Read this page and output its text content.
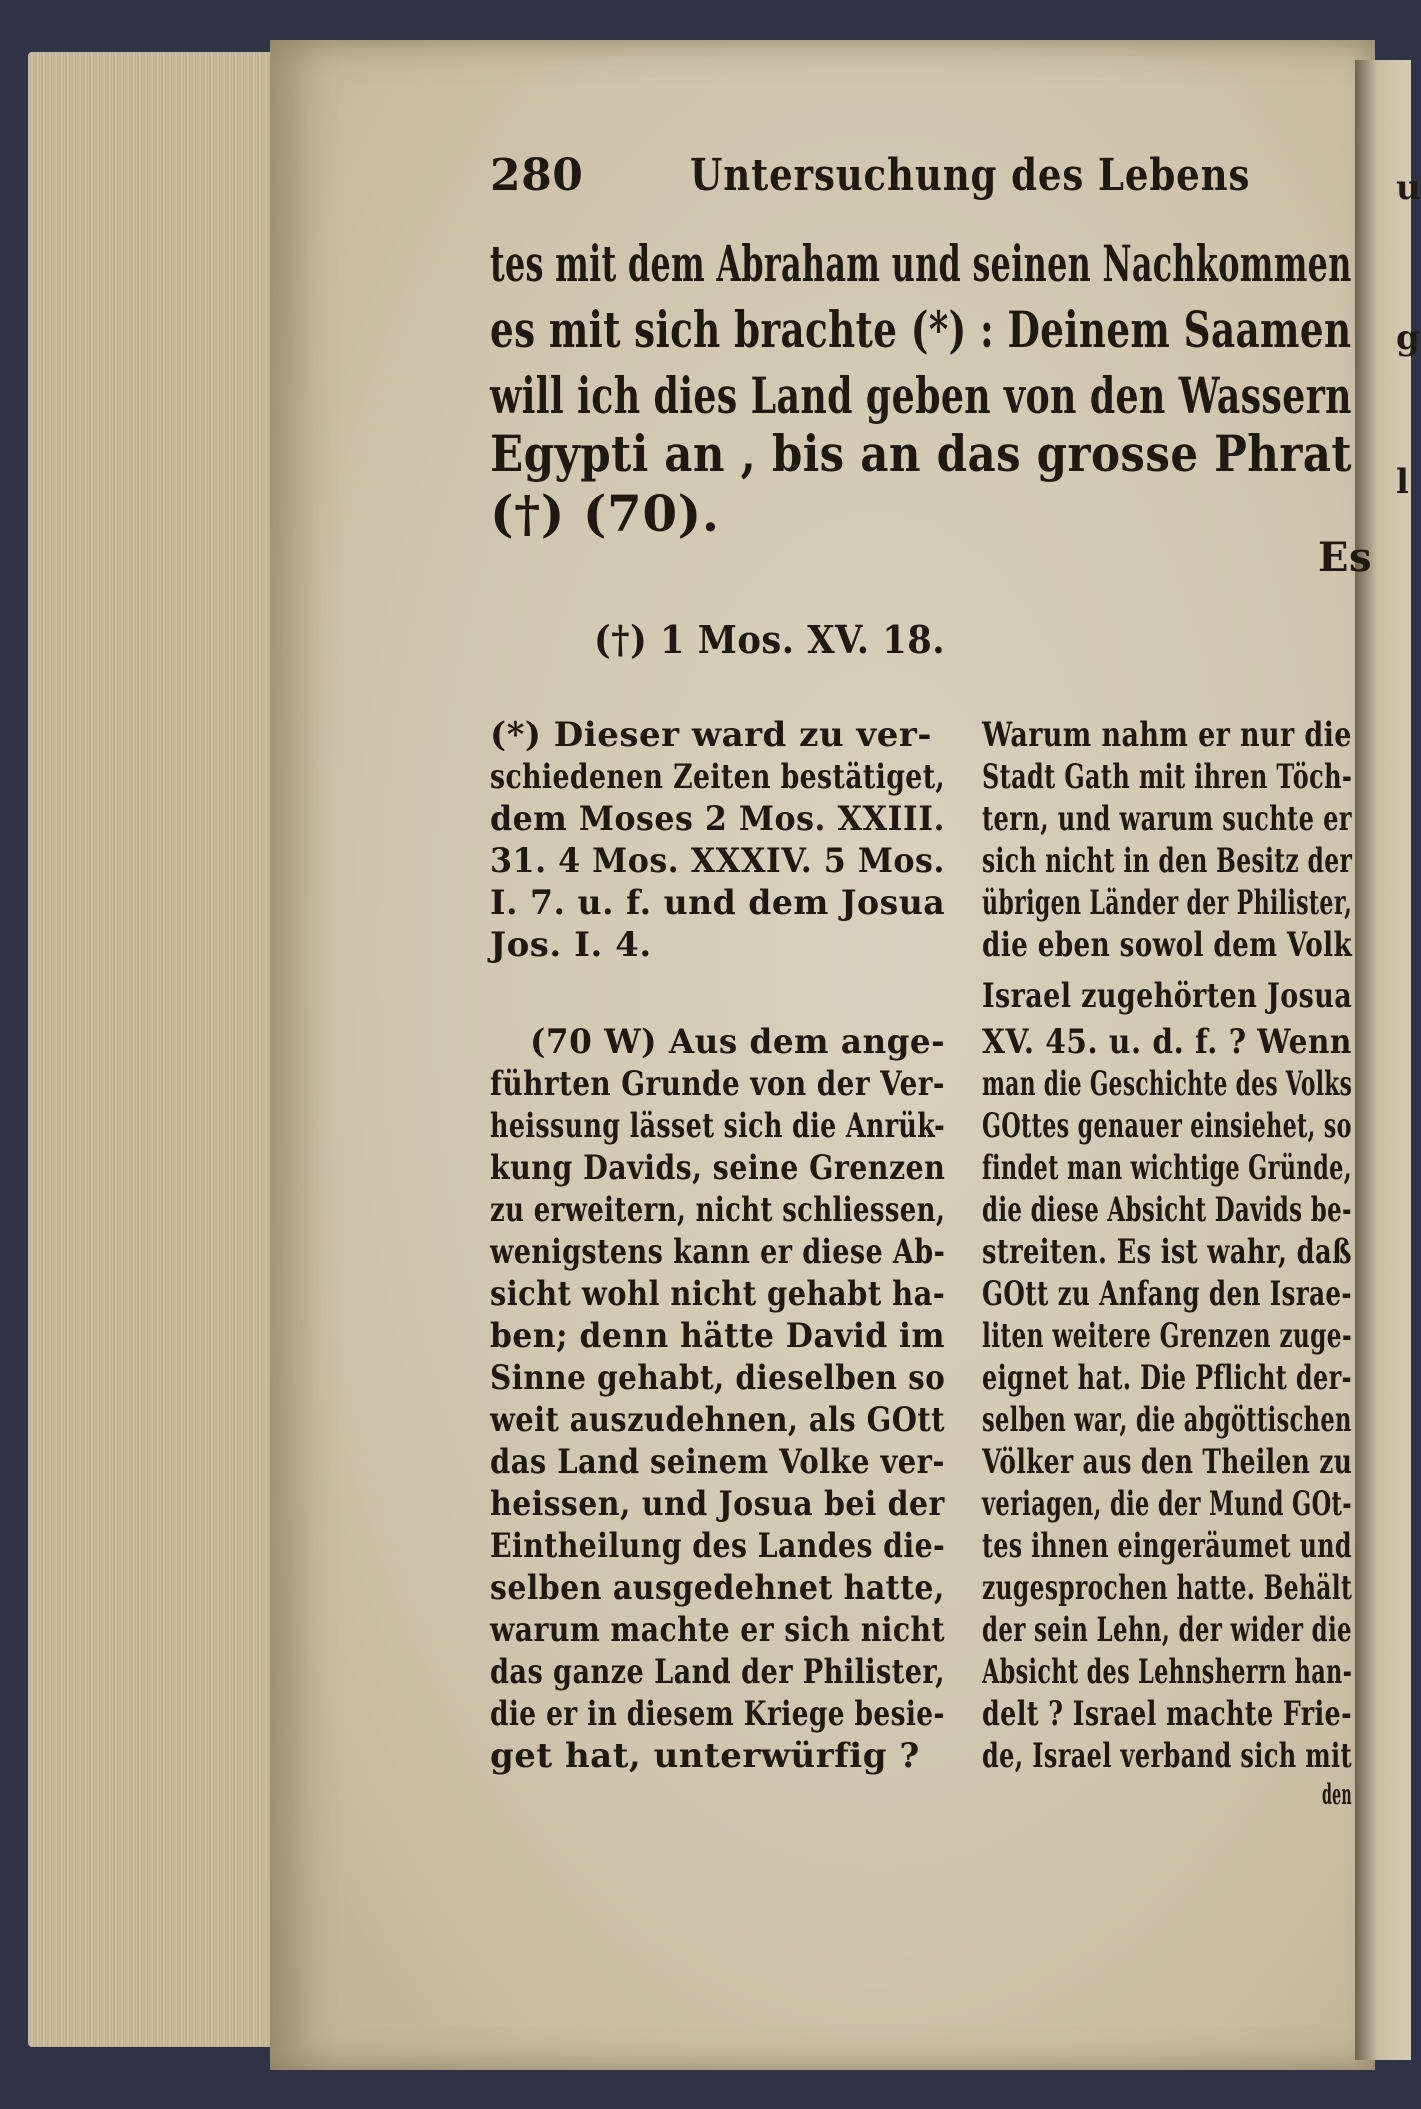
u
g
l
280 Untersuchung des Lebens
tes mit dem Abraham und seinen Nachkommen
es mit sich brachte (*) : Deinem Saamen
will ich dies Land geben von den Wassern
Egypti an , bis an das grosse Phrat
(†) (70).
Es
(†) 1 Mos. XV. 18.
(*) Dieser ward zu ver-
schiedenen Zeiten bestätiget,
dem Moses 2 Mos. XXIII.
31. 4 Mos. XXXIV. 5 Mos.
I. 7. u. f. und dem Josua
Jos. I. 4.
(70 W) Aus dem ange-
führten Grunde von der Ver-
heissung lässet sich die Anrük-
kung Davids, seine Grenzen
zu erweitern, nicht schliessen,
wenigstens kann er diese Ab-
sicht wohl nicht gehabt ha-
ben; denn hätte David im
Sinne gehabt, dieselben so
weit auszudehnen, als GOtt
das Land seinem Volke ver-
heissen, und Josua bei der
Eintheilung des Landes die-
selben ausgedehnet hatte,
warum machte er sich nicht
das ganze Land der Philister,
die er in diesem Kriege besie-
get hat, unterwürfig ?
Warum nahm er nur die
Stadt Gath mit ihren Töch-
tern, und warum suchte er
sich nicht in den Besitz der
übrigen Länder der Philister,
die eben sowol dem Volk
Israel zugehörten Josua
XV. 45. u. d. f. ? Wenn
man die Geschichte des Volks
GOttes genauer einsiehet, so
findet man wichtige Gründe,
die diese Absicht Davids be-
streiten. Es ist wahr, daß
GOtt zu Anfang den Israe-
liten weitere Grenzen zuge-
eignet hat. Die Pflicht der-
selben war, die abgöttischen
Völker aus den Theilen zu
veriagen, die der Mund GOt-
tes ihnen eingeräumet und
zugesprochen hatte. Behält
der sein Lehn, der wider die
Absicht des Lehnsherrn han-
delt ? Israel machte Frie-
de, Israel verband sich mit
den
